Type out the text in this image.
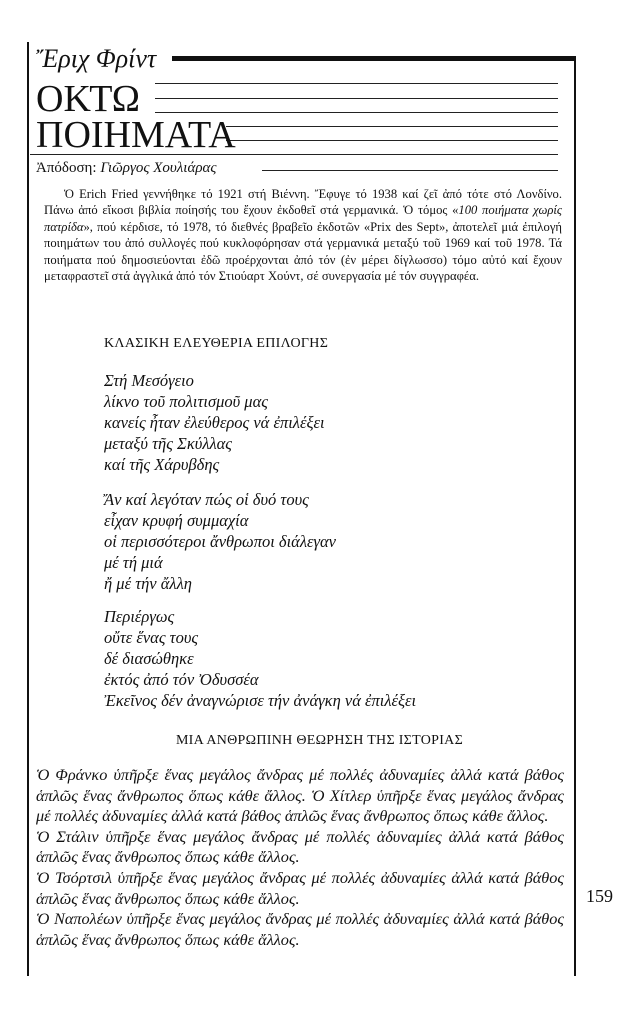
Ἔριχ Φρίντ
ΟΚΤΩ
ΠΟΙΗΜΑΤΑ
Ἀπόδοση: Γιῶργος Χουλιάρας
Ὁ Erich Fried γεννήθηκε τό 1921 στή Βιέννη. Ἔφυγε τό 1938 καί ζεῖ ἀπό τότε στό Λονδίνο. Πάνω ἀπό εἴκοσι βιβλία ποίησής του ἔχουν ἐκδοθεῖ στά γερμανικά. Ὁ τόμος «100 ποιήματα χωρίς πατρίδα», πού κέρδισε, τό 1978, τό διεθνές βραβεῖο ἐκδοτῶν «Prix des Sept», ἀποτελεῖ μιά ἐπιλογή ποιημάτων του ἀπό συλλογές πού κυκλοφόρησαν στά γερμανικά μεταξύ τοῦ 1969 καί τοῦ 1978. Τά ποιήματα πού δημοσιεύονται ἐδῶ προέρχονται ἀπό τόν (ἐν μέρει δίγλωσσο) τόμο αὐτό καί ἔχουν μεταφραστεῖ στά ἀγγλικά ἀπό τόν Στιούαρτ Χούντ, σέ συνεργασία μέ τόν συγγραφέα.
ΚΛΑΣΙΚΗ ΕΛΕΥΘΕΡΙΑ ΕΠΙΛΟΓΗΣ
Στή Μεσόγειο
λίκνο τοῦ πολιτισμοῦ μας
κανείς ἦταν ἐλεύθερος νά ἐπιλέξει
μεταξύ τῆς Σκύλλας
καί τῆς Χάρυβδης
Ἄν καί λεγόταν πώς οἱ δυό τους
εἶχαν κρυφή συμμαχία
οἱ περισσότεροι ἄνθρωποι διάλεγαν
μέ τή μιά
ἤ μέ τήν ἄλλη
Περιέργως
οὔτε ἕνας τους
δέ διασώθηκε
ἐκτός ἀπό τόν Ὀδυσσέα
Ἐκεῖνος δέν ἀναγνώρισε τήν ἀνάγκη νά ἐπιλέξει
ΜΙΑ ΑΝΘΡΩΠΙΝΗ ΘΕΩΡΗΣΗ ΤΗΣ ΙΣΤΟΡΙΑΣ

Ὁ Φράνκο ὑπῆρξε ἕνας μεγάλος ἄνδρας μέ πολλές ἀδυναμίες ἀλλά κατά βάθος ἁπλῶς ἕνας ἄνθρωπος ὅπως κάθε ἄλλος. Ὁ Χίτλερ ὑπῆρξε ἕνας μεγάλος ἄνδρας μέ πολλές ἀδυναμίες ἀλλά κατά βάθος ἁπλῶς ἕνας ἄνθρωπος ὅπως κάθε ἄλλος.

Ὁ Στάλιν ὑπῆρξε ἕνας μεγάλος ἄνδρας μέ πολλές ἀδυναμίες ἀλλά κατά βάθος ἁπλῶς ἕνας ἄνθρωπος ὅπως κάθε ἄλλος.

Ὁ Τσόρτσιλ ὑπῆρξε ἕνας μεγάλος ἄνδρας μέ πολλές ἀδυναμίες ἀλλά κατά βάθος ἁπλῶς ἕνας ἄνθρωπος ὅπως κάθε ἄλλος.

Ὁ Ναπολέων ὑπῆρξε ἕνας μεγάλος ἄνδρας μέ πολλές ἀδυναμίες ἀλλά κατά βάθος ἁπλῶς ἕνας ἄνθρωπος ὅπως κάθε ἄλλος.

159
